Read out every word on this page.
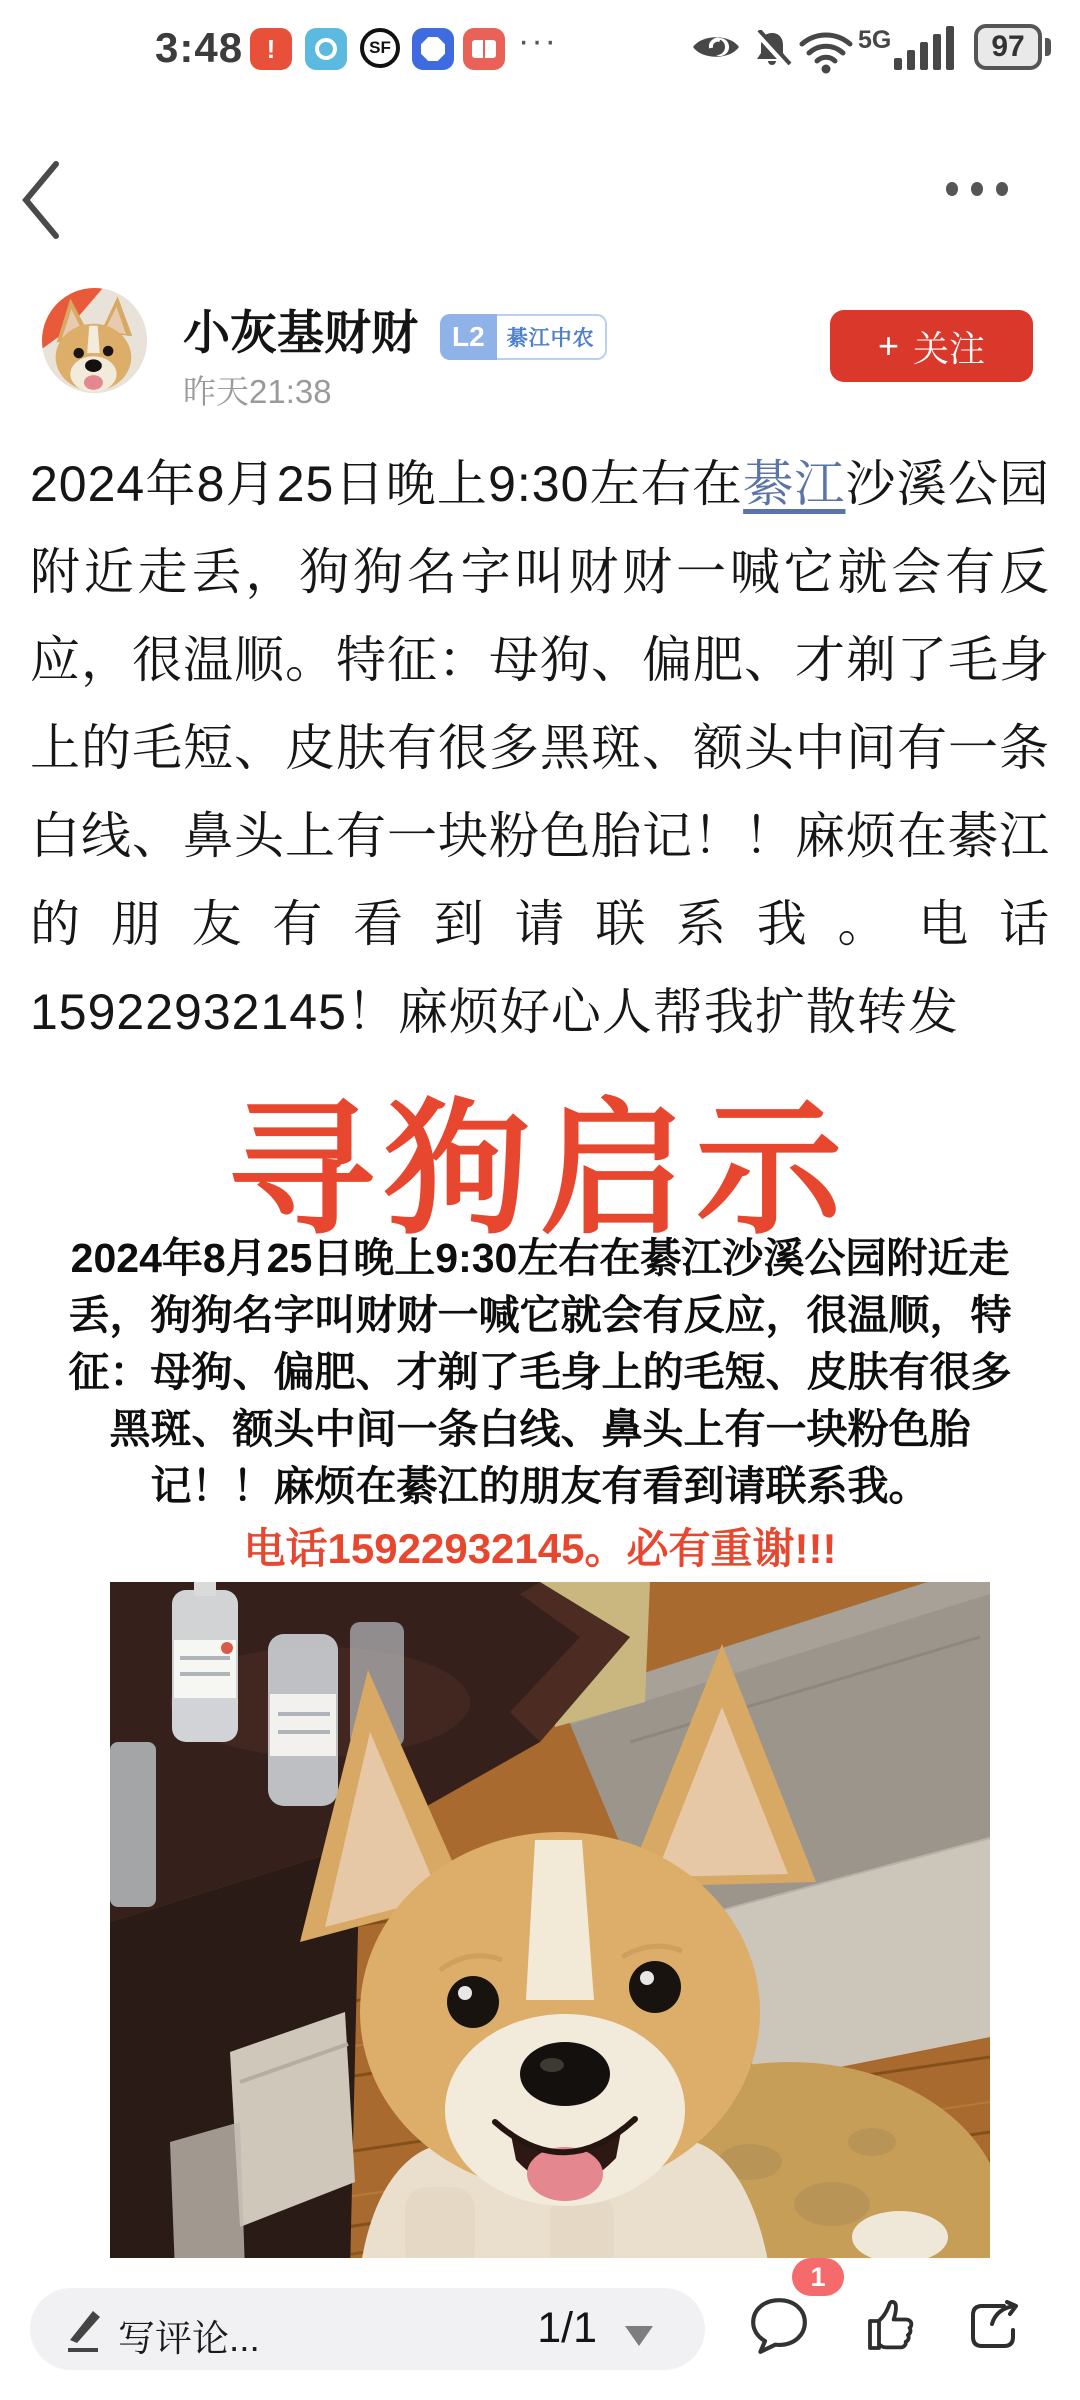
3:48 !	SF	···	5G	97
小灰基财财	L2	綦江中农
昨天21:38
+ 关注

2024年8月25日晚上9:30左右在綦江沙溪公园附近走丢，狗狗名字叫财财一喊它就会有反应，很温顺。特征：母狗、偏肥、才剃了毛身上的毛短、皮肤有很多黑斑、额头中间有一条白线、鼻头上有一块粉色胎记！！麻烦在綦江的朋友有看到请联系我。电话15922932145！麻烦好心人帮我扩散转发

寻狗启示
2024年8月25日晚上9:30左右在綦江沙溪公园附近走丢，狗狗名字叫财财一喊它就会有反应，很温顺，特征：母狗、偏肥、才剃了毛身上的毛短、皮肤有很多黑斑、额头中间一条白线、鼻头上有一块粉色胎记！！麻烦在綦江的朋友有看到请联系我。
电话15922932145。必有重谢!!!
写评论...	1/1
1
